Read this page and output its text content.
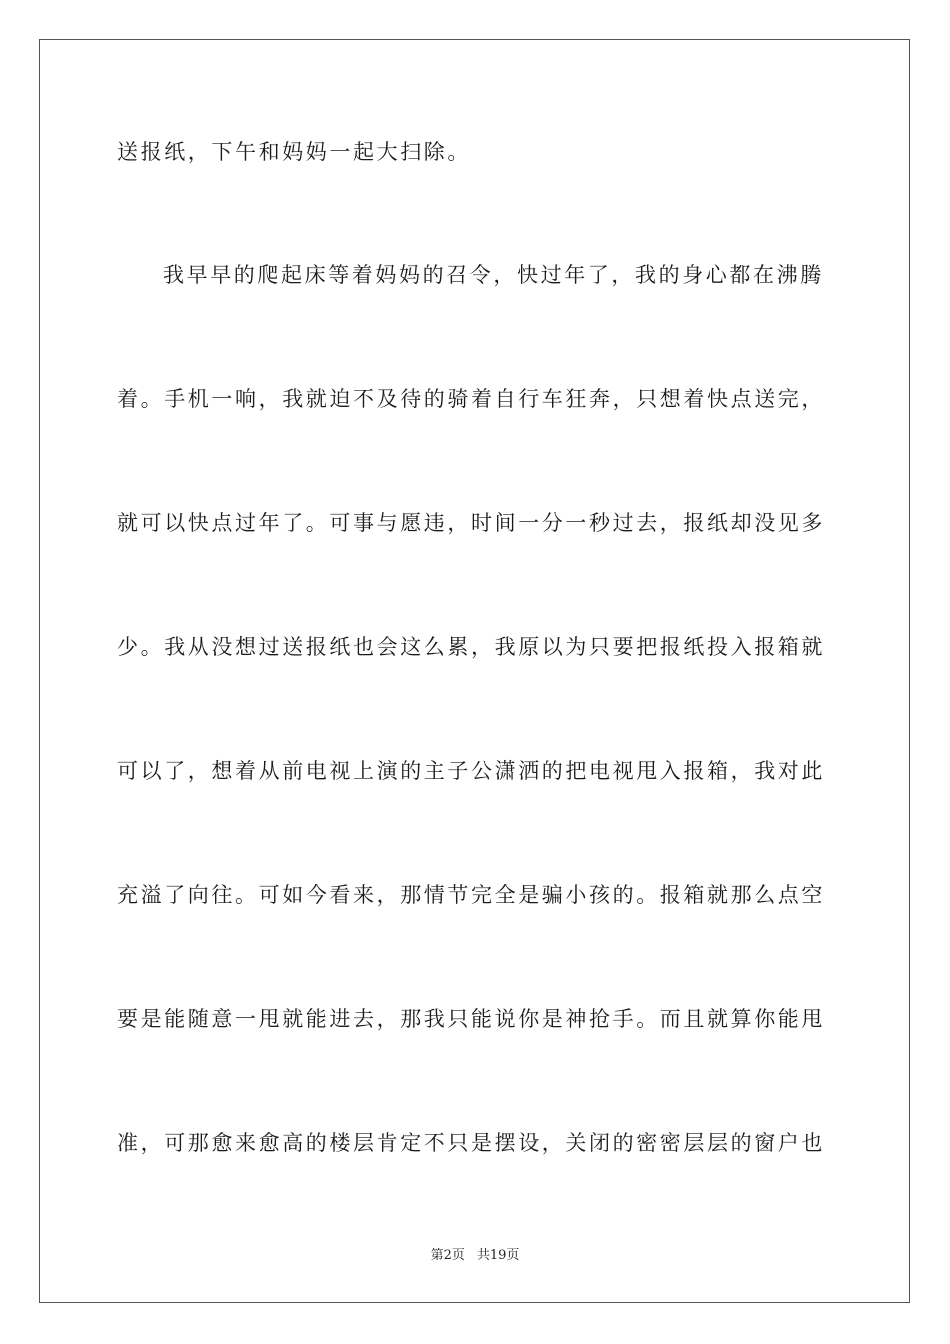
送报纸，下午和妈妈一起大扫除。
我早早的爬起床等着妈妈的召令，快过年了，我的身心都在沸腾
着。手机一响，我就迫不及待的骑着自行车狂奔，只想着快点送完，
就可以快点过年了。可事与愿违，时间一分一秒过去，报纸却没见多
少。我从没想过送报纸也会这么累，我原以为只要把报纸投入报箱就
可以了，想着从前电视上演的主子公潇洒的把电视甩入报箱，我对此
充溢了向往。可如今看来，那情节完全是骗小孩的。报箱就那么点空
要是能随意一甩就能进去，那我只能说你是神抢手。而且就算你能甩
准，可那愈来愈高的楼层肯定不只是摆设，关闭的密密层层的窗户也
第2页 共19页
